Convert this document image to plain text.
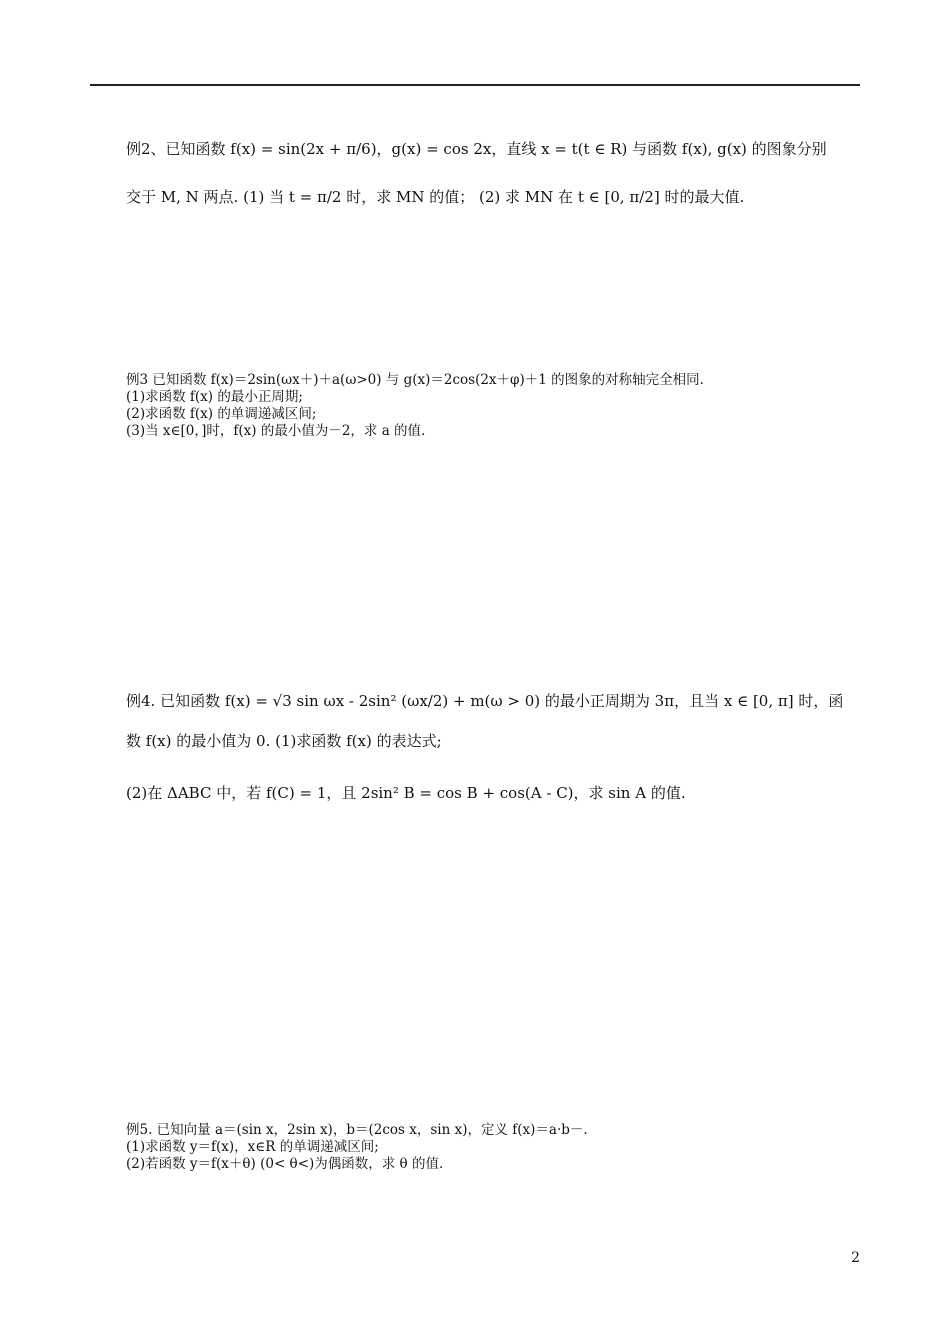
例2、已知函数 f(x) = sin(2x + π/6)，g(x) = cos 2x，直线 x = t(t ∈ R) 与函数 f(x), g(x) 的图象分别
交于 M, N 两点. (1) 当 t = π/2 时，求 MN 的值； (2) 求 MN 在 t ∈ [0, π/2] 时的最大值.
例3 已知函数 f(x)＝2sin(ωx＋)＋a(ω>0) 与 g(x)＝2cos(2x＋φ)＋1 的图象的对称轴完全相同.
(1)求函数 f(x) 的最小正周期;
(2)求函数 f(x) 的单调递减区间;
(3)当 x∈[0，]时，f(x) 的最小值为－2，求 a 的值.
例4. 已知函数 f(x) = √3 sin ωx - 2sin² (ωx/2) + m(ω > 0) 的最小正周期为 3π，且当 x ∈ [0, π] 时，函
数 f(x) 的最小值为 0. (1)求函数 f(x) 的表达式;
(2)在 ΔABC 中，若 f(C) = 1，且 2sin² B = cos B + cos(A - C)，求 sin A 的值.
例5. 已知向量 a＝(sin x，2sin x)，b＝(2cos x，sin x)，定义 f(x)＝a·b－.
(1)求函数 y＝f(x)，x∈R 的单调递减区间;
(2)若函数 y＝f(x＋θ) (0< θ<)为偶函数，求 θ 的值.
2
